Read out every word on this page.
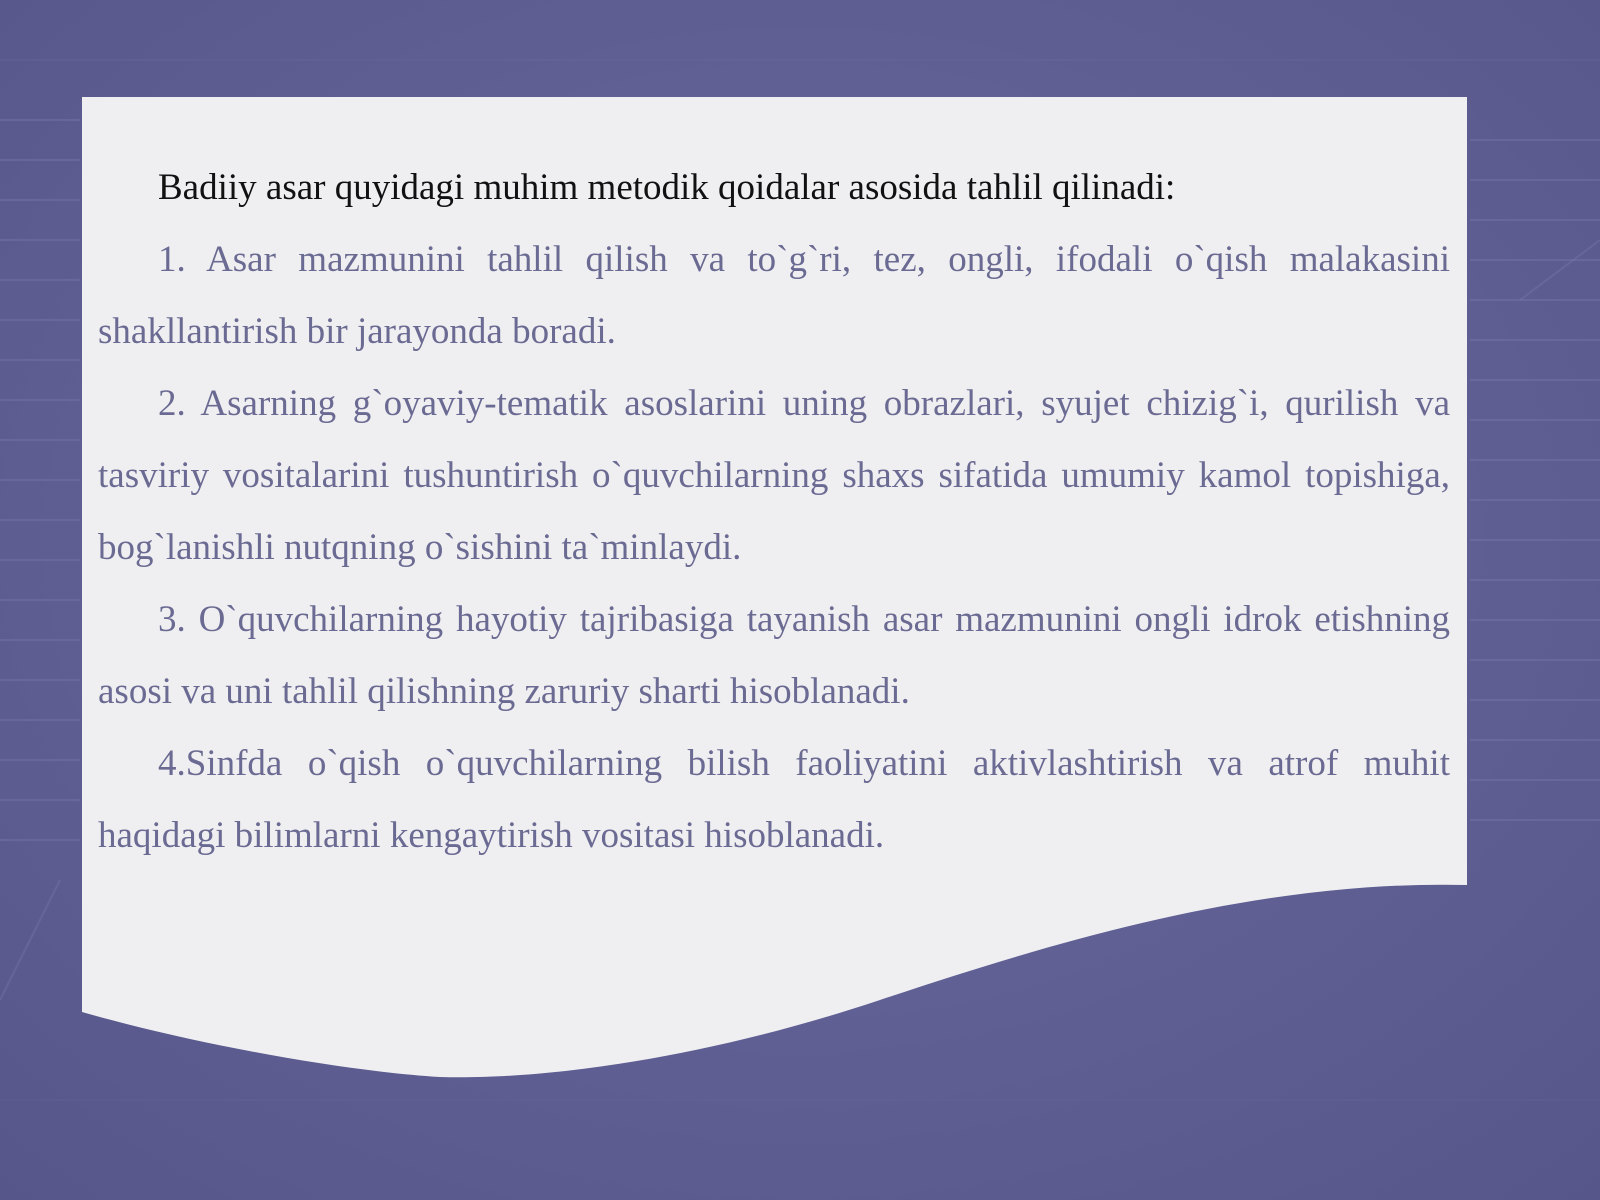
Badiiy asar quyidagi muhim metodik qoidalar asosida tahlil qilinadi:

1. Asar mazmunini tahlil qilish va to`g`ri, tez, ongli, ifodali o`qish malakasini shakllantirish bir jarayonda boradi.

2. Asarning g`oyaviy-tematik asoslarini uning obrazlari, syujet chizig`i, qurilish va tasviriy vositalarini tushuntirish o`quvchilarning shaxs sifatida umumiy kamol topishiga, bog`lanishli nutqning o`sishini ta`minlaydi.

3. O`quvchilarning hayotiy tajribasiga tayanish asar mazmunini ongli idrok etishning asosi va uni tahlil qilishning zaruriy sharti hisoblanadi.

4.Sinfda o`qish o`quvchilarning bilish faoliyatini aktivlashtirish va atrof muhit haqidagi bilimlarni kengaytirish vositasi hisoblanadi.
